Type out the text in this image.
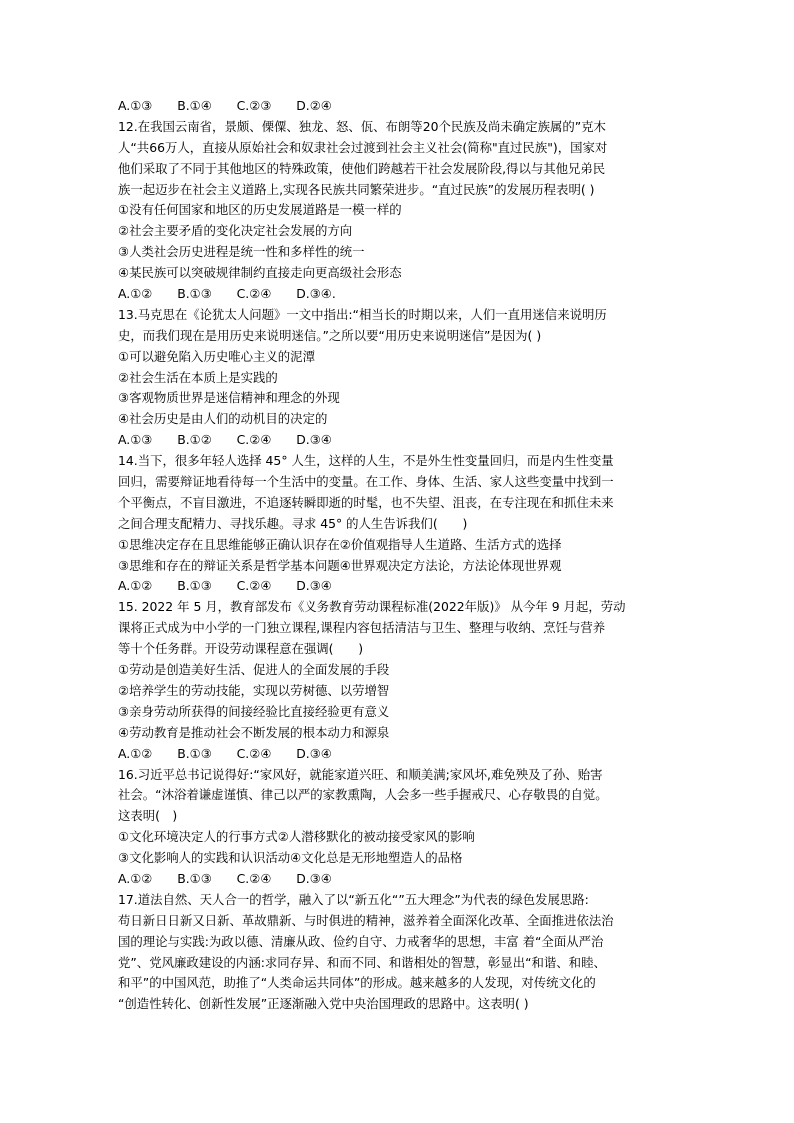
A.①③　　B.①④　　C.②③　　D.②④
12.在我国云南省，景颇、傈僳、独龙、怒、佤、布朗等20个民族及尚未确定族属的”克木
人“共66万人，直接从原始社会和奴隶社会过渡到社会主义社会(简称"直过民族")，国家对
他们采取了不同于其他地区的特殊政策，使他们跨越若干社会发展阶段,得以与其他兄弟民
族一起迈步在社会主义道路上,实现各民族共同繁荣进步。“直过民族”的发展历程表明( )
①没有任何国家和地区的历史发展道路是一模一样的
②社会主要矛盾的变化决定社会发展的方向
③人类社会历史进程是统一性和多样性的统一
④某民族可以突破规律制约直接走向更高级社会形态
A.①②　　B.①③　　C.②④　　D.③④.
13.马克思在《论犹太人问题》一文中指出:“相当长的时期以来，人们一直用迷信来说明历
史，而我们现在是用历史来说明迷信。”之所以要“用历史来说明迷信”是因为( )
①可以避免陷入历史唯心主义的泥潭
②社会生活在本质上是实践的
③客观物质世界是迷信精神和理念的外现
④社会历史是由人们的动机目的决定的
A.①③　　B.①②　　C.②④　　D.③④
14.当下，很多年轻人选择 45° 人生，这样的人生，不是外生性变量回归，而是内生性变量
回归，需要辩证地看待每一个生活中的变量。在工作、身体、生活、家人这些变量中找到一
个平衡点，不盲目激进，不追逐转瞬即逝的时髦，也不失望、沮丧，在专注现在和抓住未来
之间合理支配精力、寻找乐趣。寻求 45° 的人生告诉我们(　　)
①思维决定存在且思维能够正确认识存在②价值观指导人生道路、生活方式的选择
③思维和存在的辩证关系是哲学基本问题④世界观决定方法论，方法论体现世界观
A.①②　　B.①③　　C.②④　　D.③④
15. 2022 年 5 月，教育部发布《义务教育劳动课程标准(2022年版)》 从今年 9 月起，劳动
课将正式成为中小学的一门独立课程,课程内容包括清洁与卫生、整理与收纳、烹饪与营养
等十个任务群。开设劳动课程意在强调(　　)
①劳动是创造美好生活、促进人的全面发展的手段
②培养学生的劳动技能，实现以劳树德、以劳增智
③亲身劳动所获得的间接经验比直接经验更有意义
④劳动教育是推动社会不断发展的根本动力和源泉
A.①②　　B.①③　　C.②④　　D.③④
16.习近平总书记说得好:“家风好，就能家道兴旺、和顺美满;家风坏,难免殃及了孙、贻害
社会。“沐浴着谦虚谨慎、律己以严的家教熏陶，人会多一些手握戒尺、心存敬畏的自觉。
这表明(　)
①文化环境决定人的行事方式②人潜移默化的被动接受家风的影响
③文化影响人的实践和认识活动④文化总是无形地塑造人的品格
A.①②　　B.①③　　C.②④　　D.③④
17.道法自然、天人合一的哲学，融入了以“新五化“”五大理念”为代表的绿色发展思路:
苟日新日日新又日新、革故鼎新、与时俱进的精神，滋养着全面深化改革、全面推进依法治
国的理论与实践:为政以德、清廉从政、俭约自守、力戒奢华的思想，丰富 着“全面从严治
党”、党风廉政建设的内涵:求同存异、和而不同、和谐相处的智慧，彰显出“和谐、和睦、
和平”的中国风范，助推了“人类命运共同体”的形成。越来越多的人发现，对传统文化的
“创造性转化、创新性发展”正逐渐融入党中央治国理政的思路中。这表明( )
